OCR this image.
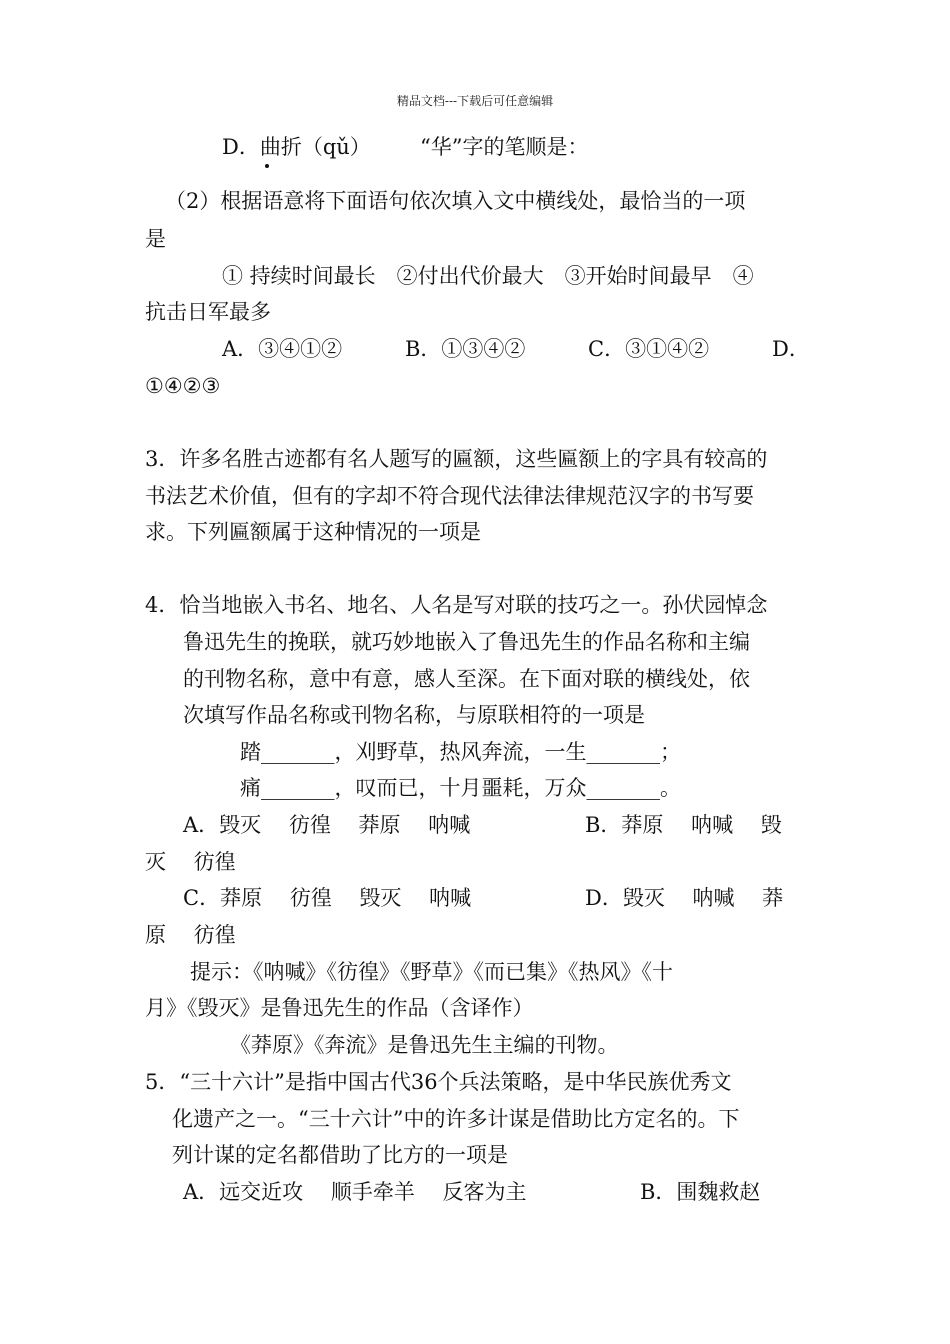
精品文档---下载后可任意编辑
D．曲折（qǔ） “华”字的笔顺是：
（2）根据语意将下面语句依次填入文中横线处，最恰当的一项
是
① 持续时间最长　②付出代价最大　③开始时间最早　④
抗击日军最多
A．③④①②	B．①③④②	C．③①④②	D．
①④②③
3．许多名胜古迹都有名人题写的匾额，这些匾额上的字具有较高的
书法艺术价值，但有的字却不符合现代法律法律规范汉字的书写要
求。下列匾额属于这种情况的一项是
4．恰当地嵌入书名、地名、人名是写对联的技巧之一。孙伏园悼念
鲁迅先生的挽联，就巧妙地嵌入了鲁迅先生的作品名称和主编
的刊物名称，意中有意，感人至深。在下面对联的横线处，依
次填写作品名称或刊物名称，与原联相符的一项是
踏_______，刈野草，热风奔流，一生_______；
痛_______，叹而已，十月噩耗，万众_______。
A．毁灭　 彷徨　 莽原　 呐喊	B．莽原　 呐喊　 毁
灭　 彷徨
C．莽原　 彷徨　 毁灭　 呐喊	D．毁灭　 呐喊　 莽
原　 彷徨
提示：《呐喊》《彷徨》《野草》《而已集》《热风》《十
月》《毁灭》是鲁迅先生的作品（含译作）
《莽原》《奔流》是鲁迅先生主编的刊物。
5．“三十六计”是指中国古代36个兵法策略，是中华民族优秀文
化遗产之一。“三十六计”中的许多计谋是借助比方定名的。下
列计谋的定名都借助了比方的一项是
A．远交近攻　 顺手牵羊　 反客为主	B．围魏救赵
